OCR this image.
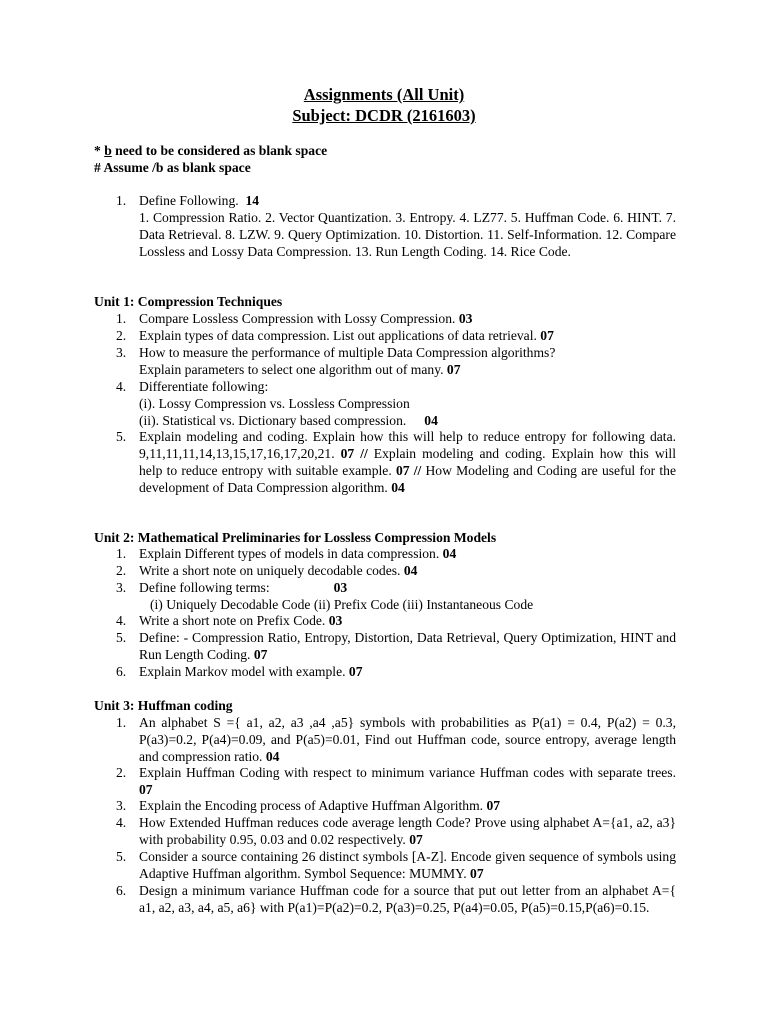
Assignments (All Unit)
Subject: DCDR (2161603)
* b need to be considered as blank space
# Assume /b as blank space
1. Define Following. 14
1. Compression Ratio. 2. Vector Quantization. 3. Entropy. 4. LZ77. 5. Huffman Code. 6. HINT. 7. Data Retrieval. 8. LZW. 9. Query Optimization. 10. Distortion. 11. Self-Information. 12. Compare Lossless and Lossy Data Compression. 13. Run Length Coding. 14. Rice Code.
Unit 1: Compression Techniques
1. Compare Lossless Compression with Lossy Compression. 03
2. Explain types of data compression. List out applications of data retrieval. 07
3. How to measure the performance of multiple Data Compression algorithms?
Explain parameters to select one algorithm out of many. 07
4. Differentiate following:
(i). Lossy Compression vs. Lossless Compression
(ii). Statistical vs. Dictionary based compression. 04
5. Explain modeling and coding. Explain how this will help to reduce entropy for following data. 9,11,11,11,14,13,15,17,16,17,20,21. 07 // Explain modeling and coding. Explain how this will help to reduce entropy with suitable example. 07 // How Modeling and Coding are useful for the development of Data Compression algorithm. 04
Unit 2: Mathematical Preliminaries for Lossless Compression Models
1. Explain Different types of models in data compression. 04
2. Write a short note on uniquely decodable codes. 04
3. Define following terms:	03
(i) Uniquely Decodable Code (ii) Prefix Code (iii) Instantaneous Code
4. Write a short note on Prefix Code. 03
5. Define: - Compression Ratio, Entropy, Distortion, Data Retrieval, Query Optimization, HINT and Run Length Coding. 07
6. Explain Markov model with example. 07
Unit 3: Huffman coding
1. An alphabet S ={ a1, a2, a3 ,a4 ,a5} symbols with probabilities as P(a1) = 0.4, P(a2) = 0.3, P(a3)=0.2, P(a4)=0.09, and P(a5)=0.01, Find out Huffman code, source entropy, average length and compression ratio. 04
2. Explain Huffman Coding with respect to minimum variance Huffman codes with separate trees. 07
3. Explain the Encoding process of Adaptive Huffman Algorithm. 07
4. How Extended Huffman reduces code average length Code? Prove using alphabet A={a1, a2, a3} with probability 0.95, 0.03 and 0.02 respectively. 07
5. Consider a source containing 26 distinct symbols [A-Z]. Encode given sequence of symbols using Adaptive Huffman algorithm. Symbol Sequence: MUMMY. 07
6. Design a minimum variance Huffman code for a source that put out letter from an alphabet A={ a1, a2, a3, a4, a5, a6} with P(a1)=P(a2)=0.2, P(a3)=0.25, P(a4)=0.05, P(a5)=0.15,P(a6)=0.15.
